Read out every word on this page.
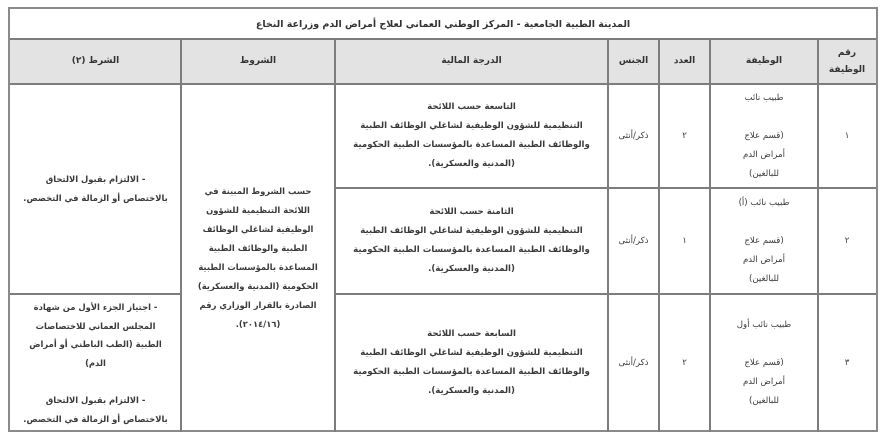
المدينة الطبية الجامعية - المركز الوطني العماني لعلاج أمراض الدم وزراعة النخاع
رقم الوظيفة
الوظيفة
العدد
الجنس
الدرجة المالية
الشروط
الشرط (٢)
١
طبيب نائب
(قسم علاج
أمراض الدم
للبالغين)
٢
ذكر/أنثى
التاسعة حسب اللائحة
التنظيمية للشؤون الوظيفية لشاغلي الوظائف الطبية
والوظائف الطبية المساعدة بالمؤسسات الطبية الحكومية
(المدنية والعسكرية).
٢
طبيب نائب (أ)
(قسم علاج
أمراض الدم
للبالغين)
١
ذكر/أنثى
الثامنة حسب اللائحة
التنظيمية للشؤون الوظيفية لشاغلي الوظائف الطبية
والوظائف الطبية المساعدة بالمؤسسات الطبية الحكومية
(المدنية والعسكرية).
٣
طبيب نائب أول
(قسم علاج
أمراض الدم
للبالغين)
٢
ذكر/أنثى
السابعة حسب اللائحة
التنظيمية للشؤون الوظيفية لشاغلي الوظائف الطبية
والوظائف الطبية المساعدة بالمؤسسات الطبية الحكومية
(المدنية والعسكرية).
حسب الشروط المبينة في
اللائحة التنظيمية للشؤون
الوظيفية لشاغلي الوظائف
الطبية والوظائف الطبية
المساعدة بالمؤسسات الطبية
الحكومية (المدنية والعسكرية)
الصادرة بالقرار الوزاري رقم
(٢٠١٤/١٦).
- الالتزام بقبول الالتحاق
بالاختصاص أو الزمالة في التخصص.
- اجتياز الجزء الأول من شهادة
المجلس العماني للاختصاصات
الطبية (الطب الباطني أو أمراض
الدم)
- الالتزام بقبول الالتحاق
بالاختصاص أو الزمالة في التخصص.
